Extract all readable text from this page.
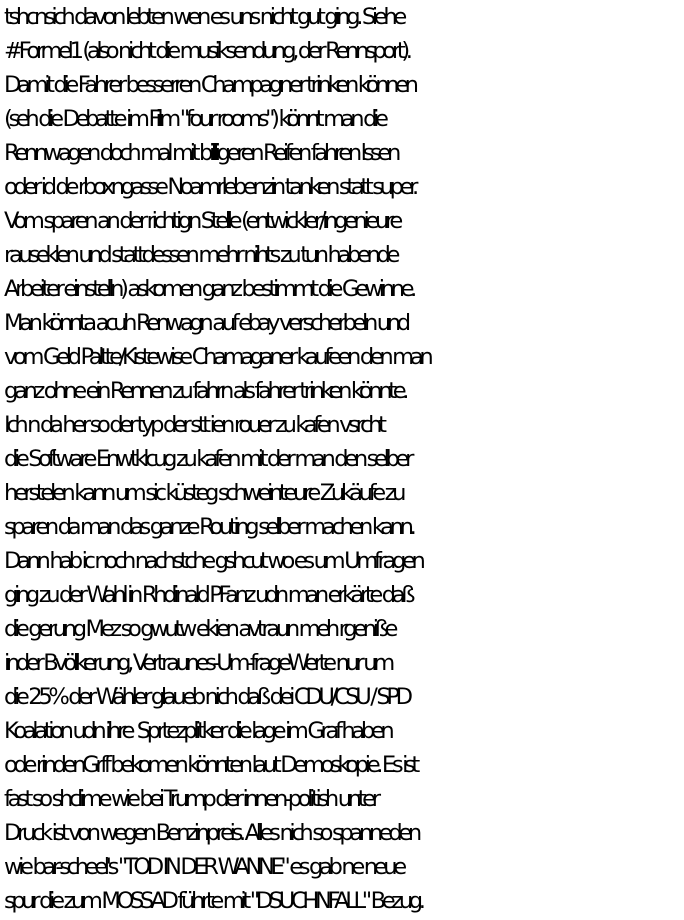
tshcnsich davon lebten wen es uns nicht gut ging. Siehe
#Formel1 (also nicht die musiksendung, der Rennsport).
Damit die Fahrer besserren Champagner trinken können
(seh die Debatte im Film "four rooms") könnt man die
Rennwagen doch mal mit billigeren Reifen fahren lssen
oder id de rboxngasse Noamrlebenzin tanken statt super.
Vom sparen an der richtign Stelle (entwickler/ingenieure
rauseklen und stattdessen mehr nihts zu tun habende
Arbeiter einstelln) askomen ganz bestimmt die Gewinne.
Man könnta acuh Renwagn auf ebay verscherbeln und
vom Geld Paltte/Kistewise Chamaganer kaufeen den man
ganz ohne ein Rennen zu fahrn als fahrer trinken könnte.
Ich n da her so der typ der stt ien rouer zu kafen vsrcht
die Software Enwtklcug zu kafen mit der man den selber
herstelen kann um sic küsteg schweinteure Zukäufe zu
sparen da man das ganze Routing selber machen kann.
Dann hab ic noch nachstche gshcut wo es um Umfragen
ging zu der Wahl in Rhdinald PFanz udn man erkärte daß
die gerung Mez so gwutw ekien avtraun meh rgeniße
inder Bvölkerung, Vertraunes-Um-frageWerte nur um
die 25% der Wähler glaueb nich daß dei CDU/CSU / SPD
Koalation udn ihre  Sprtezplitker die lage im Graf haben
ode rindenGrff bekomen könnten laut Demoskopie. Es ist
fast so shclime wie bei Trump der innen-politish unter
Druck ist von wegen Benzinpreis. Alles nich so spanneden
wie bar-scheel's "TOD IN DER WANNE" es gab ne neue
spur die zum MOSSAD führte mit "DSUCHNFALL" Bezug.
